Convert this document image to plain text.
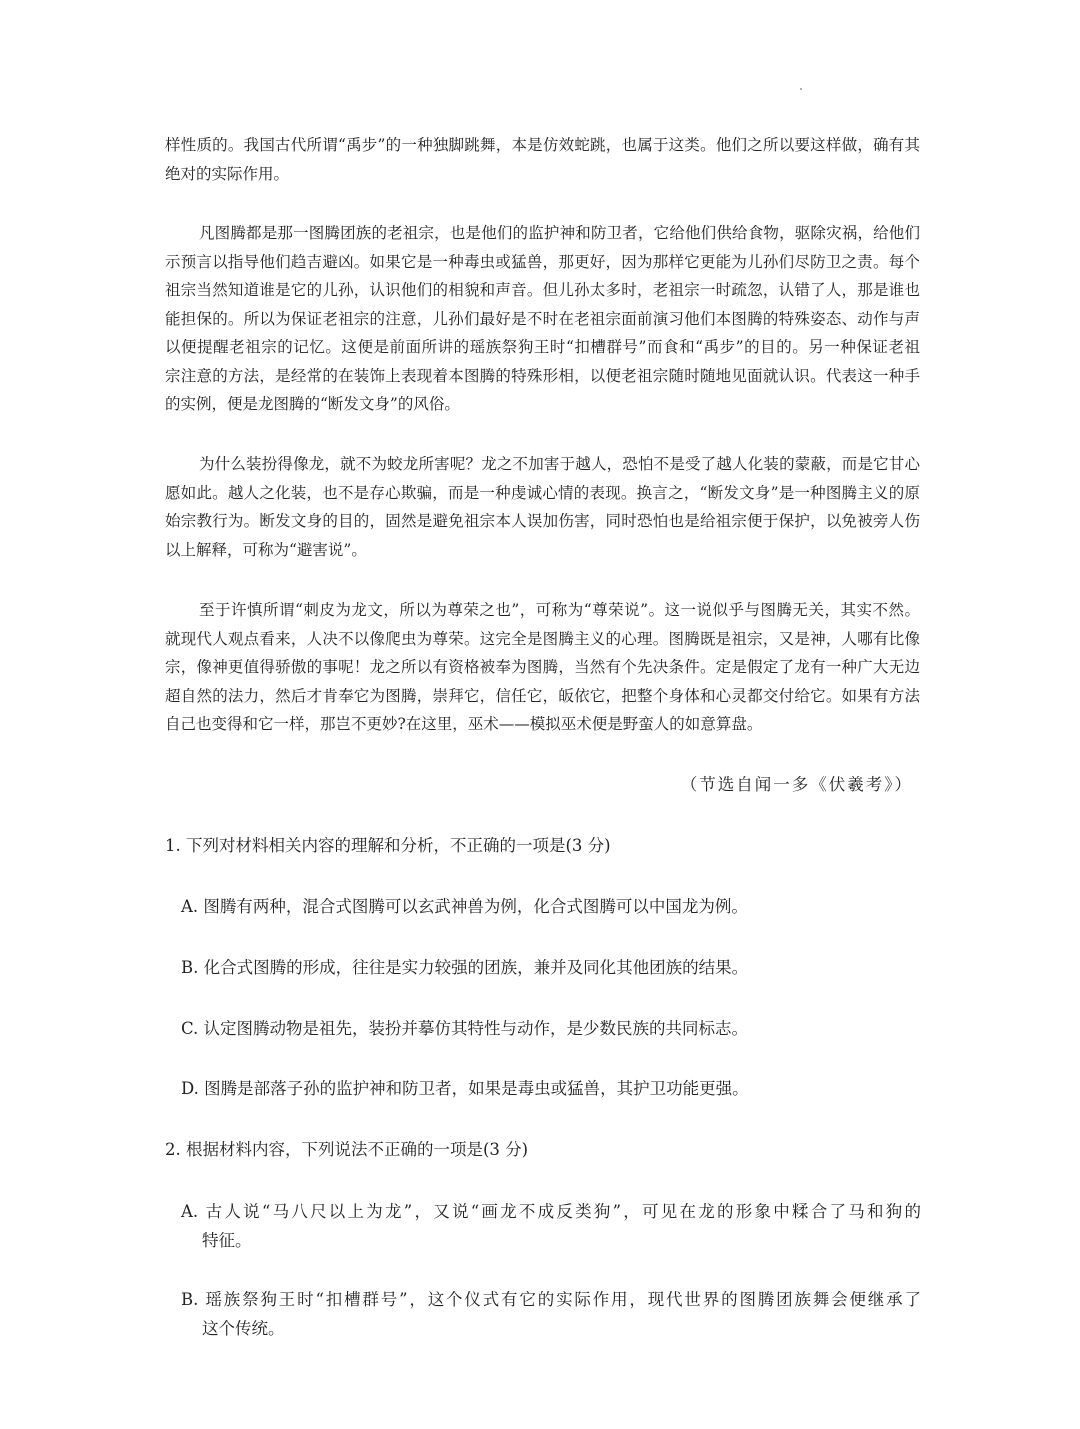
样性质的。我国古代所谓“禹步”的一种独脚跳舞，本是仿效蛇跳，也属于这类。他们之所以要这样做，确有其
绝对的实际作用。
凡图腾都是那一图腾团族的老祖宗，也是他们的监护神和防卫者，它给他们供给食物，驱除灾祸，给他们
示预言以指导他们趋吉避凶。如果它是一种毒虫或猛兽，那更好，因为那样它更能为儿孙们尽防卫之责。每个
祖宗当然知道谁是它的儿孙，认识他们的相貌和声音。但儿孙太多时，老祖宗一时疏忽，认错了人，那是谁也
能担保的。所以为保证老祖宗的注意，儿孙们最好是不时在老祖宗面前演习他们本图腾的特殊姿态、动作与声
以便提醒老祖宗的记忆。这便是前面所讲的瑶族祭狗王时“扣槽群号”而食和“禹步”的目的。另一种保证老祖
宗注意的方法，是经常的在装饰上表现着本图腾的特殊形相，以便老祖宗随时随地见面就认识。代表这一种手
的实例，便是龙图腾的“断发文身”的风俗。
为什么装扮得像龙，就不为蛟龙所害呢？龙之不加害于越人，恐怕不是受了越人化装的蒙蔽，而是它甘心
愿如此。越人之化装，也不是存心欺骗，而是一种虔诚心情的表现。换言之，“断发文身”是一种图腾主义的原
始宗教行为。断发文身的目的，固然是避免祖宗本人误加伤害，同时恐怕也是给祖宗便于保护，以免被旁人伤
以上解释，可称为“避害说”。
至于许慎所谓“刺皮为龙文，所以为尊荣之也”，可称为“尊荣说”。这一说似乎与图腾无关，其实不然。
就现代人观点看来，人决不以像爬虫为尊荣。这完全是图腾主义的心理。图腾既是祖宗，又是神，人哪有比像
宗，像神更值得骄傲的事呢！龙之所以有资格被奉为图腾，当然有个先决条件。定是假定了龙有一种广大无边
超自然的法力，然后才肯奉它为图腾，崇拜它，信任它，皈依它，把整个身体和心灵都交付给它。如果有方法
自己也变得和它一样，那岂不更妙?在这里，巫术——模拟巫术便是野蛮人的如意算盘。
1. 下列对材料相关内容的理解和分析，不正确的一项是(3 分)
A. 图腾有两种，混合式图腾可以玄武神兽为例，化合式图腾可以中国龙为例。
B. 化合式图腾的形成，往往是实力较强的团族，兼并及同化其他团族的结果。
C. 认定图腾动物是祖先，装扮并摹仿其特性与动作，是少数民族的共同标志。
D. 图腾是部落子孙的监护神和防卫者，如果是毒虫或猛兽，其护卫功能更强。
2. 根据材料内容，下列说法不正确的一项是(3 分)
A. 古人说“马八尺以上为龙”，又说“画龙不成反类狗”，可见在龙的形象中糅合了马和狗的
特征。
B. 瑶族祭狗王时“扣槽群号”，这个仪式有它的实际作用，现代世界的图腾团族舞会便继承了
这个传统。
（节选自闻一多《伏羲考》）
